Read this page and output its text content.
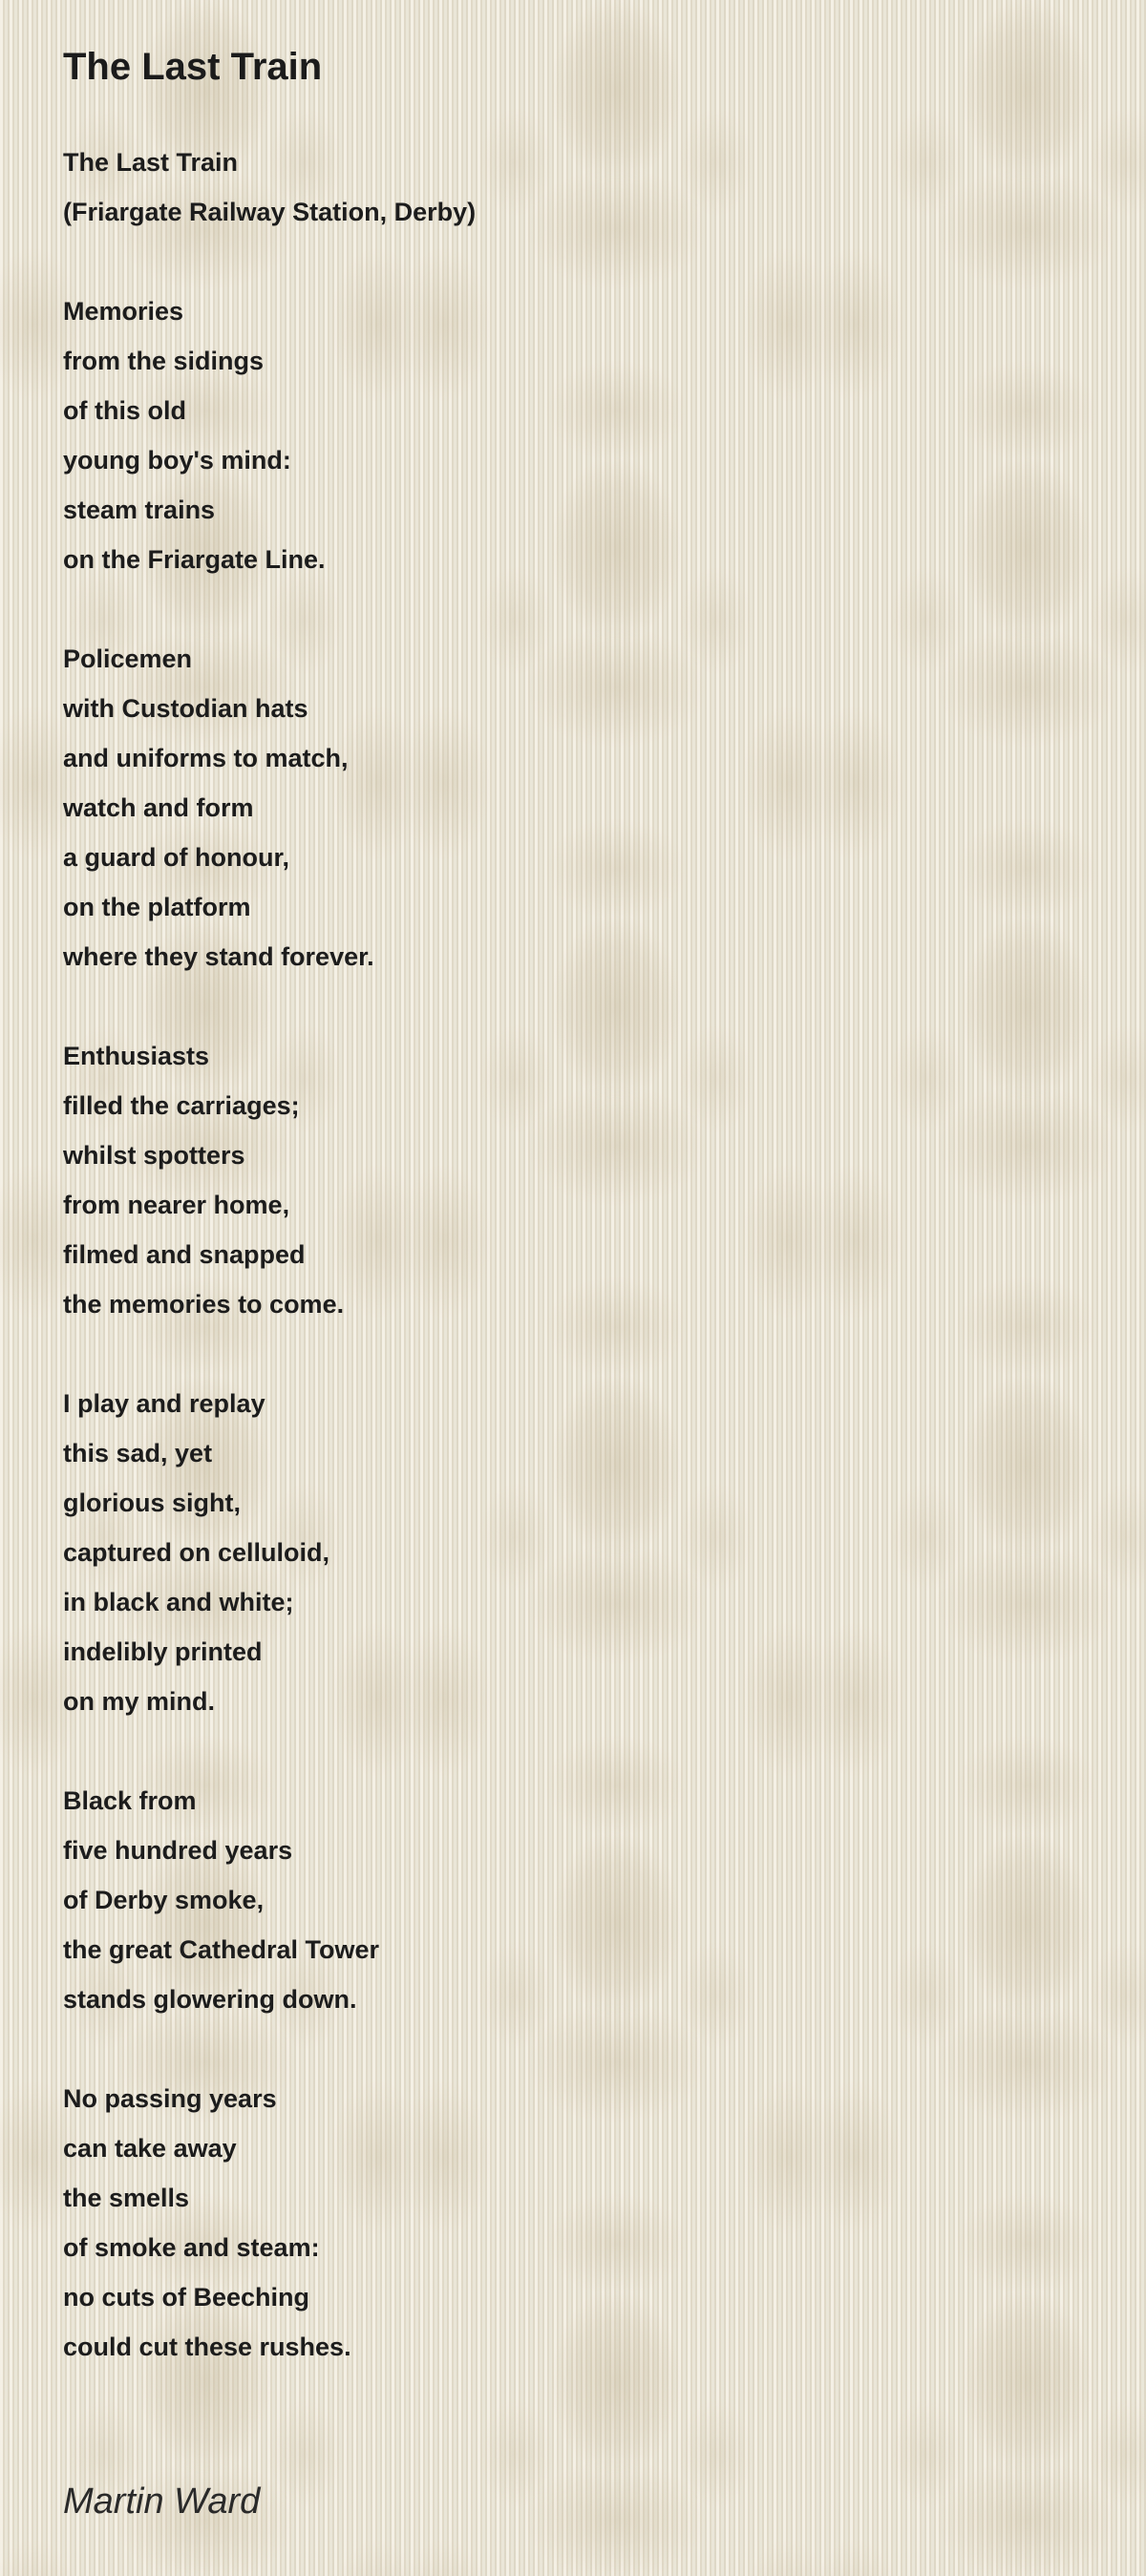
The Last Train

The Last Train

(Friargate Railway Station, Derby)

Memories

from the sidings

of this old

young boy's mind:

steam trains

on the Friargate Line.

Policemen

with Custodian hats

and uniforms to match,

watch and form

a guard of honour,

on the platform

where they stand forever.

Enthusiasts

filled the carriages;

whilst spotters

from nearer home,

filmed and snapped

the memories to come.

I play and replay

this sad, yet

glorious sight,

captured on celluloid,

in black and white;

indelibly printed

on my mind.

Black from

five hundred years

of Derby smoke,

the great Cathedral Tower

stands glowering down.

No passing years

can take away

the smells

of smoke and steam:

no cuts of Beeching

could cut these rushes.

Martin Ward
